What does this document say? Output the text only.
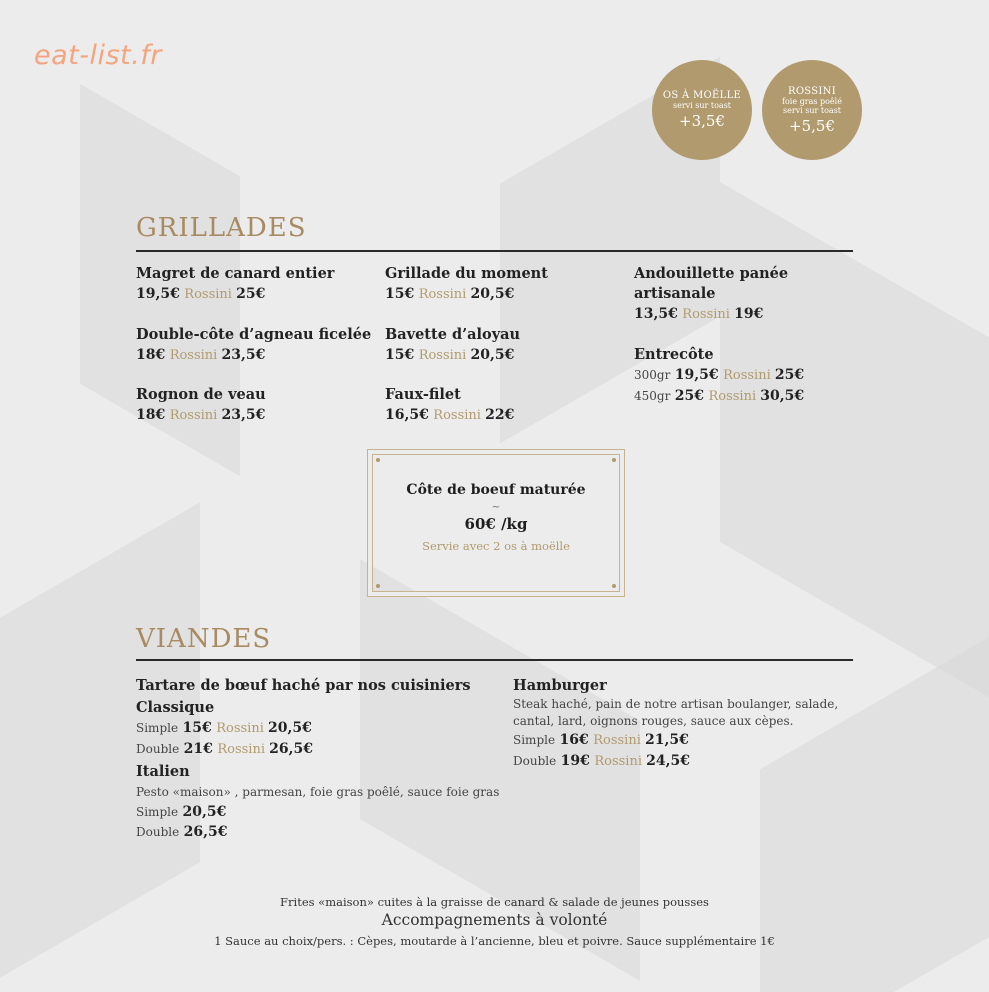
eat-list.fr
OS À MOËLLE
servi sur toast
+3,5€
ROSSINI
foie gras poêlé
servi sur toast
+5,5€
GRILLADES
Magret de canard entier
19,5€ Rossini 25€
Double-côte d’agneau ficelée
18€ Rossini 23,5€
Rognon de veau
18€ Rossini 23,5€
Grillade du moment
15€ Rossini 20,5€
Bavette d’aloyau
15€ Rossini 20,5€
Faux-filet
16,5€ Rossini 22€
Andouillette panée
artisanale
13,5€ Rossini 19€
Entrecôte
300gr 19,5€ Rossini 25€
450gr 25€ Rossini 30,5€
Côte de boeuf maturée
~
60€ /kg
Servie avec 2 os à moëlle
VIANDES
Tartare de bœuf haché par nos cuisiniers
Classique
Simple 15€ Rossini 20,5€
Double 21€ Rossini 26,5€
Italien
Pesto «maison» , parmesan, foie gras poêlé, sauce foie gras
Simple 20,5€
Double 26,5€
Hamburger
Steak haché, pain de notre artisan boulanger, salade,
cantal, lard, oignons rouges, sauce aux cèpes.
Simple 16€ Rossini 21,5€
Double 19€ Rossini 24,5€
Frites «maison» cuites à la graisse de canard & salade de jeunes pousses
Accompagnements à volonté
1 Sauce au choix/pers. : Cèpes, moutarde à l’ancienne, bleu et poivre. Sauce supplémentaire 1€
